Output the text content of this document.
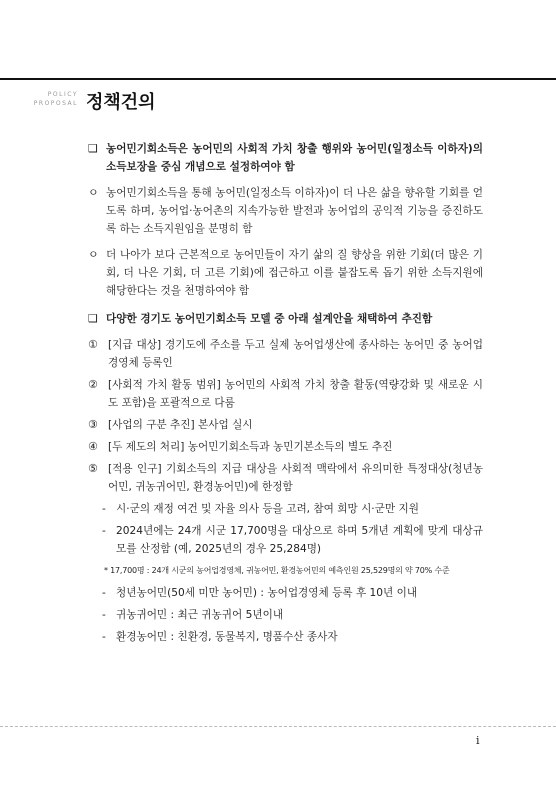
POLICY
PROPOSAL 정책건의
❑ 농어민기회소득은 농어민의 사회적 가치 창출 행위와 농어민(일정소득 이하자)의 소득보장을 중심 개념으로 설정하여야 함
ㅇ 농어민기회소득을 통해 농어민(일정소득 이하자)이 더 나은 삶을 향유할 기회를 얻도록 하며, 농어업·농어촌의 지속가능한 발전과 농어업의 공익적 기능을 증진하도록 하는 소득지원임을 분명히 함
ㅇ 더 나아가 보다 근본적으로 농어민들이 자기 삶의 질 향상을 위한 기회(더 많은 기회, 더 나은 기회, 더 고른 기회)에 접근하고 이를 붙잡도록 돕기 위한 소득지원에 해당한다는 것을 천명하여야 함
❑ 다양한 경기도 농어민기회소득 모델 중 아래 설계안을 채택하여 추진함
① [지급 대상] 경기도에 주소를 두고 실제 농어업생산에 종사하는 농어민 중 농어업경영체 등록인
② [사회적 가치 활동 범위] 농어민의 사회적 가치 창출 활동(역량강화 및 새로운 시도 포함)을 포괄적으로 다룸
③ [사업의 구분 추진] 본사업 실시
④ [두 제도의 처리] 농어민기회소득과 농민기본소득의 별도 추진
⑤ [적용 인구] 기회소득의 지급 대상을 사회적 맥락에서 유의미한 특정대상(청년농어민, 귀농귀어민, 환경농어민)에 한정함
- 시·군의 재정 여건 및 자율 의사 등을 고려, 참여 희망 시·군만 지원
- 2024년에는 24개 시군 17,700명을 대상으로 하며 5개년 계획에 맞게 대상규모를 산정함 (예, 2025년의 경우 25,284명)
* 17,700명 : 24개 시군의 농어업경영체, 귀농어민, 환경농어민의 예측인원 25,529명의 약 70% 수준
- 청년농어민(50세 미만 농어민) : 농어업경영체 등록 후 10년 이내
- 귀농귀어민 : 최근 귀농귀어 5년이내
- 환경농어민 : 친환경, 동물복지, 명품수산 종사자
i
